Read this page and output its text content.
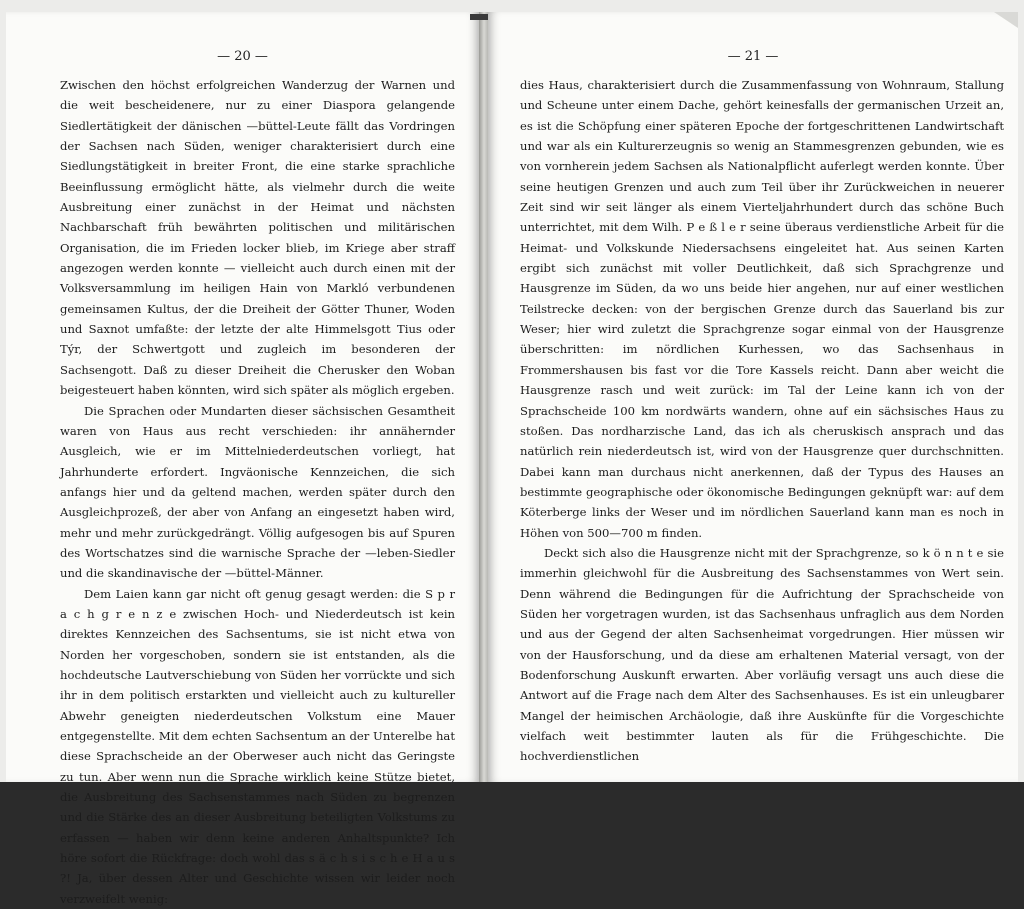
— 20 —

Zwischen den höchst erfolgreichen Wanderzug der Warnen und die weit bescheidenere, nur zu einer Diaspora gelangende Siedlertätigkeit der dänischen —büttel-Leute fällt das Vordringen der Sachsen nach Süden, weniger charakterisiert durch eine Siedlungstätigkeit in breiter Front, die eine starke sprachliche Beeinflussung ermöglicht hätte, als vielmehr durch die weite Ausbreitung einer zunächst in der Heimat und nächsten Nachbarschaft früh bewährten politischen und militärischen Organisation, die im Frieden locker blieb, im Kriege aber straff angezogen werden konnte — vielleicht auch durch einen mit der Volksversammlung im heiligen Hain von Markló verbundenen gemeinsamen Kultus, der die Dreiheit der Götter Thuner, Woden und Saxnot umfaßte: der letzte der alte Himmelsgott Tius oder Týr, der Schwertgott und zugleich im besonderen der Sachsengott. Daß zu dieser Dreiheit die Cherusker den Woban beigesteuert haben könnten, wird sich später als möglich ergeben.

Die Sprachen oder Mundarten dieser sächsischen Gesamtheit waren von Haus aus recht verschieden: ihr annähernder Ausgleich, wie er im Mittelniederdeutschen vorliegt, hat Jahrhunderte erfordert. Ingväonische Kennzeichen, die sich anfangs hier und da geltend machen, werden später durch den Ausgleichprozeß, der aber von Anfang an eingesetzt haben wird, mehr und mehr zurückgedrängt. Völlig aufgesogen bis auf Spuren des Wortschatzes sind die warnische Sprache der —leben-Siedler und die skandinavische der —büttel-Männer.

Dem Laien kann gar nicht oft genug gesagt werden: die S p r a c h g r e n z e zwischen Hoch- und Niederdeutsch ist kein direktes Kennzeichen des Sachsentums, sie ist nicht etwa von Norden her vorgeschoben, sondern sie ist entstanden, als die hochdeutsche Lautverschiebung von Süden her vorrückte und sich ihr in dem politisch erstarkten und vielleicht auch zu kultureller Abwehr geneigten niederdeutschen Volkstum eine Mauer entgegenstellte. Mit dem echten Sachsentum an der Unterelbe hat diese Sprachscheide an der Oberweser auch nicht das Geringste zu tun. Aber wenn nun die Sprache wirklich keine Stütze bietet, die Ausbreitung des Sachsenstammes nach Süden zu begrenzen und die Stärke des an dieser Ausbreitung beteiligten Volkstums zu erfassen — haben wir denn keine anderen Anhaltspunkte? Ich höre sofort die Rückfrage: doch wohl das s ä c h s i s c h e H a u s ?! Ja, über dessen Alter und Geschichte wissen wir leider noch verzweifelt wenig:

— 21 —

dies Haus, charakterisiert durch die Zusammenfassung von Wohnraum, Stallung und Scheune unter einem Dache, gehört keinesfalls der germanischen Urzeit an, es ist die Schöpfung einer späteren Epoche der fortgeschrittenen Landwirtschaft und war als ein Kulturerzeugnis so wenig an Stammesgrenzen gebunden, wie es von vornherein jedem Sachsen als Nationalpflicht auferlegt werden konnte. Über seine heutigen Grenzen und auch zum Teil über ihr Zurückweichen in neuerer Zeit sind wir seit länger als einem Vierteljahrhundert durch das schöne Buch unterrichtet, mit dem Wilh. P e ß l e r seine überaus verdienstliche Arbeit für die Heimat- und Volkskunde Niedersachsens eingeleitet hat. Aus seinen Karten ergibt sich zunächst mit voller Deutlichkeit, daß sich Sprachgrenze und Hausgrenze im Süden, da wo uns beide hier angehen, nur auf einer westlichen Teilstrecke decken: von der bergischen Grenze durch das Sauerland bis zur Weser; hier wird zuletzt die Sprachgrenze sogar einmal von der Hausgrenze überschritten: im nördlichen Kurhessen, wo das Sachsenhaus in Frommershausen bis fast vor die Tore Kassels reicht. Dann aber weicht die Hausgrenze rasch und weit zurück: im Tal der Leine kann ich von der Sprachscheide 100 km nordwärts wandern, ohne auf ein sächsisches Haus zu stoßen. Das nordharzische Land, das ich als cheruskisch ansprach und das natürlich rein niederdeutsch ist, wird von der Hausgrenze quer durchschnitten. Dabei kann man durchaus nicht anerkennen, daß der Typus des Hauses an bestimmte geographische oder ökonomische Bedingungen geknüpft war: auf dem Köterberge links der Weser und im nördlichen Sauerland kann man es noch in Höhen von 500—700 m finden.

Deckt sich also die Hausgrenze nicht mit der Sprachgrenze, so k ö n n t e sie immerhin gleichwohl für die Ausbreitung des Sachsenstammes von Wert sein. Denn während die Bedingungen für die Aufrichtung der Sprachscheide von Süden her vorgetragen wurden, ist das Sachsenhaus unfraglich aus dem Norden und aus der Gegend der alten Sachsenheimat vorgedrungen. Hier müssen wir von der Hausforschung, und da diese am erhaltenen Material versagt, von der Bodenforschung Auskunft erwarten. Aber vorläufig versagt uns auch diese die Antwort auf die Frage nach dem Alter des Sachsenhauses. Es ist ein unleugbarer Mangel der heimischen Archäologie, daß ihre Auskünfte für die Vorgeschichte vielfach weit bestimmter lauten als für die Frühgeschichte. Die hochverdienstlichen
